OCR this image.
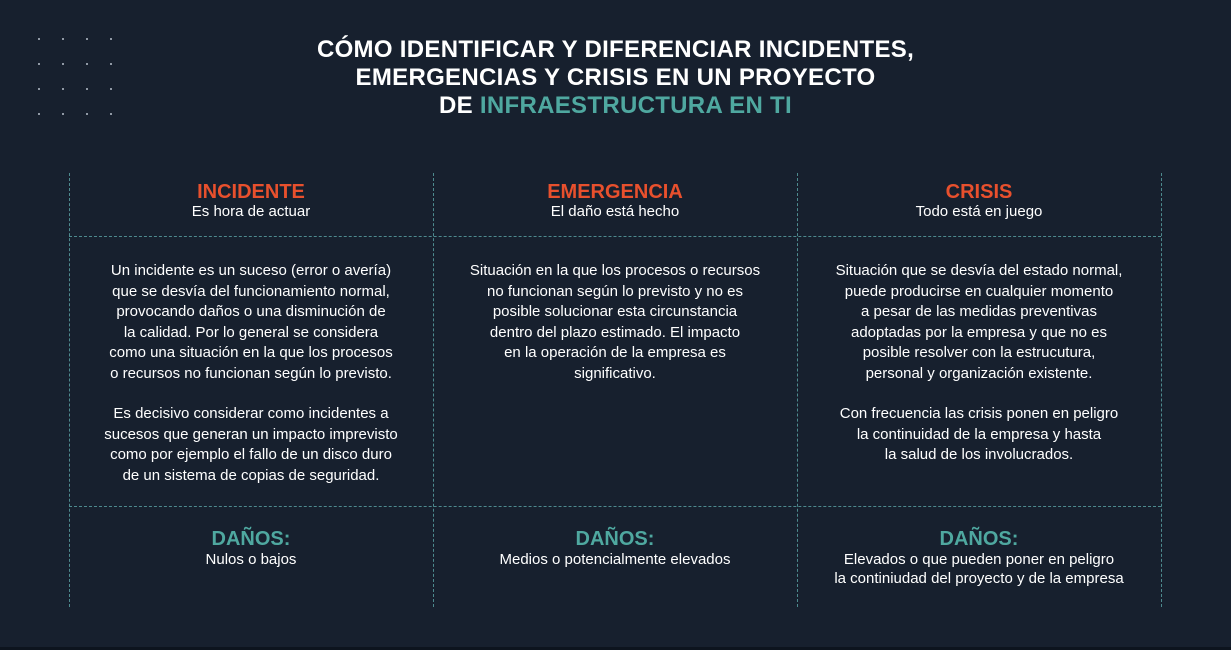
CÓMO IDENTIFICAR Y DIFERENCIAR INCIDENTES,
EMERGENCIAS Y CRISIS EN UN PROYECTO
DE INFRAESTRUCTURA EN TI
INCIDENTE
Es hora de actuar

Un incidente es un suceso (error o avería)
que se desvía del funcionamiento normal,
provocando daños o una disminución de
la calidad. Por lo general se considera
como una situación en la que los procesos
o recursos no funcionan según lo previsto.

Es decisivo considerar como incidentes a
sucesos que generan un impacto imprevisto
como por ejemplo el fallo de un disco duro
de un sistema de copias de seguridad.

DAÑOS:
Nulos o bajos
EMERGENCIA
El daño está hecho

Situación en la que los procesos o recursos
no funcionan según lo previsto y no es
posible solucionar esta circunstancia
dentro del plazo estimado. El impacto
en la operación de la empresa es
significativo.

DAÑOS:
Medios o potencialmente elevados
CRISIS
Todo está en juego

Situación que se desvía del estado normal,
puede producirse en cualquier momento
a pesar de las medidas preventivas
adoptadas por la empresa y que no es
posible resolver con la estrucutura,
personal y organización existente.

Con frecuencia las crisis ponen en peligro
la continuidad de la empresa y hasta
la salud de los involucrados.

DAÑOS:
Elevados o que pueden poner en peligro
la continiudad del proyecto y de la empresa
